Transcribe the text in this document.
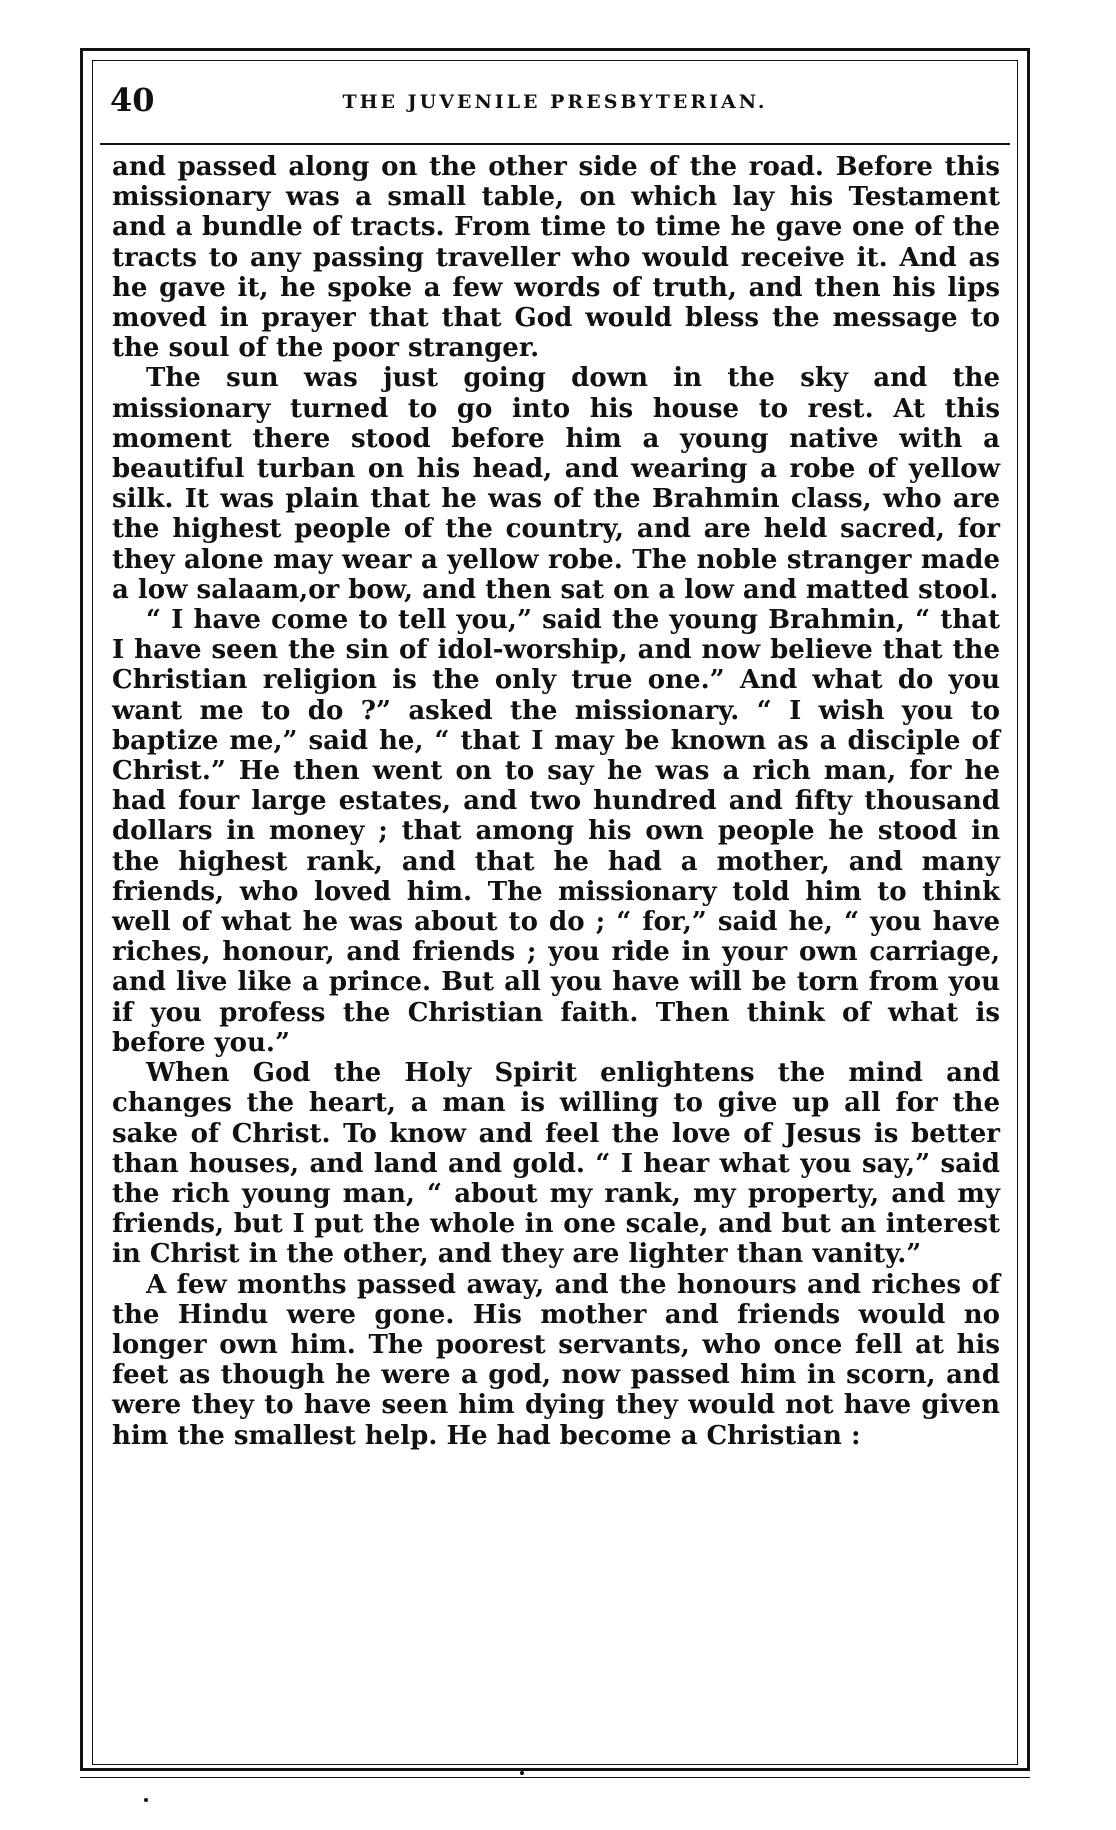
40	THE JUVENILE PRESBYTERIAN.

and passed along on the other side of the road. Before this missionary was a small table, on which lay his Testament and a bundle of tracts. From time to time he gave one of the tracts to any passing traveller who would receive it. And as he gave it, he spoke a few words of truth, and then his lips moved in prayer that that God would bless the message to the soul of the poor stranger.

The sun was just going down in the sky and the missionary turned to go into his house to rest. At this moment there stood before him a young native with a beautiful turban on his head, and wearing a robe of yellow silk. It was plain that he was of the Brahmin class, who are the highest people of the country, and are held sacred, for they alone may wear a yellow robe. The noble stranger made a low salaam,or bow, and then sat on a low and matted stool.

“ I have come to tell you,” said the young Brahmin, “ that I have seen the sin of idol-worship, and now believe that the Christian religion is the only true one.” And what do you want me to do ?” asked the missionary. “ I wish you to baptize me,” said he, “ that I may be known as a disciple of Christ.” He then went on to say he was a rich man, for he had four large estates, and two hundred and fifty thousand dollars in money ; that among his own people he stood in the highest rank, and that he had a mother, and many friends, who loved him. The missionary told him to think well of what he was about to do ; “ for,” said he, “ you have riches, honour, and friends ; you ride in your own carriage, and live like a prince. But all you have will be torn from you if you profess the Christian faith. Then think of what is before you.”

When God the Holy Spirit enlightens the mind and changes the heart, a man is willing to give up all for the sake of Christ. To know and feel the love of Jesus is better than houses, and land and gold. “ I hear what you say,” said the rich young man, “ about my rank, my property, and my friends, but I put the whole in one scale, and but an interest in Christ in the other, and they are lighter than vanity.”

A few months passed away, and the honours and riches of the Hindu were gone. His mother and friends would no longer own him. The poorest servants, who once fell at his feet as though he were a god, now passed him in scorn, and were they to have seen him dying they would not have given him the smallest help. He had become a Christian :
